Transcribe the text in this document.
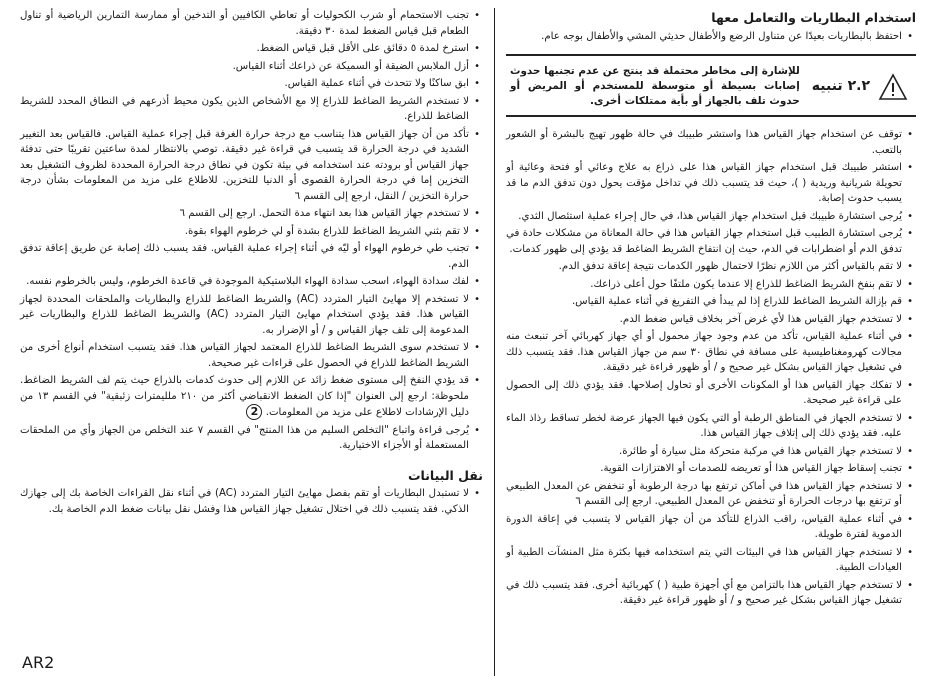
استخدام البطاريات والتعامل معها
• احتفظ بالبطاريات بعيدًا عن متناول الرضع والأطفال حديثي المشي والأطفال بوجه عام.
٢.٢ تنبيه
للإشارة إلى مخاطر محتملة قد ينتج عن عدم تجنبها حدوث إصابات بسيطة أو متوسطة للمستخدم أو المريض أو حدوث تلف بالجهاز أو بأية ممتلكات أخرى.
• توقف عن استخدام جهاز القياس هذا واستشر طبيبك في حالة ظهور تهيج بالبشرة أو الشعور بالتعب.
• استشر طبيبك قبل استخدام جهاز القياس هذا على ذراع به علاج وعائي أو فتحة وعائية أو تحويلة شريانية وريدية ( )، حيث قد يتسبب ذلك في تداخل مؤقت يحول دون تدفق الدم ما قد يسبب حدوث إصابة.
• يُرجى استشارة طبيبك قبل استخدام جهاز القياس هذا، في حال إجراء عملية استئصال الثدي.
• يُرجى استشارة الطبيب قبل استخدام جهاز القياس هذا في حالة المعاناة من مشكلات حادة في تدفق الدم أو اضطرابات في الدم، حيث إن انتفاخ الشريط الضاغط قد يؤدي إلى ظهور كدمات.
• لا تقم بالقياس أكثر من اللازم نظرًا لاحتمال ظهور الكدمات نتيجة إعاقة تدفق الدم.
• لا تقم بنفخ الشريط الضاغط للذراع إلا عندما يكون ملتفًا حول أعلى ذراعك.
• قم بإزالة الشريط الضاغط للذراع إذا لم يبدأ في التفريغ في أثناء عملية القياس.
• لا تستخدم جهاز القياس هذا لأي غرض آخر بخلاف قياس ضغط الدم.
• في أثناء عملية القياس، تأكد من عدم وجود جهاز محمول أو أي جهاز كهربائي آخر تنبعث منه مجالات كهرومغناطيسية على مسافة في نطاق ٣٠ سم من جهاز القياس هذا. فقد يتسبب ذلك في تشغيل جهاز القياس بشكل غير صحيح و / أو ظهور قراءة غير دقيقة.
• لا تفكك جهاز القياس هذا أو المكونات الأخرى أو تحاول إصلاحها. فقد يؤدي ذلك إلى الحصول على قراءة غير صحيحة.
• لا تستخدم الجهاز في المناطق الرطبة أو التي يكون فيها الجهاز عرضة لخطر تساقط رذاذ الماء عليه. فقد يؤدي ذلك إلى إتلاف جهاز القياس هذا.
• لا تستخدم جهاز القياس هذا في مركبة متحركة مثل سيارة أو طائرة.
• تجنب إسقاط جهاز القياس هذا أو تعريضه للصدمات أو الاهتزازات القوية.
• لا تستخدم جهاز القياس هذا في أماكن ترتفع بها درجة الرطوبة أو تنخفض عن المعدل الطبيعي أو ترتفع بها درجات الحرارة أو تنخفض عن المعدل الطبيعي. ارجع إلى القسم ٦
• في أثناء عملية القياس، راقب الذراع للتأكد من أن جهاز القياس لا يتسبب في إعاقة الدورة الدموية لفترة طويلة.
• لا تستخدم جهاز القياس هذا في البيئات التي يتم استخدامه فيها بكثرة مثل المنشآت الطبية أو العيادات الطبية.
• لا تستخدم جهاز القياس هذا بالتزامن مع أي أجهزة طبية ( ) كهربائية أخرى. فقد يتسبب ذلك في تشغيل جهاز القياس بشكل غير صحيح و / أو ظهور قراءة غير دقيقة.
• تجنب الاستحمام أو شرب الكحوليات أو تعاطي الكافيين أو التدخين أو ممارسة التمارين الرياضية أو تناول الطعام قبل قياس الضغط لمدة ٣٠ دقيقة.
• استرخ لمدة ٥ دقائق على الأقل قبل قياس الضغط.
• أزل الملابس الضيقة أو السميكة عن ذراعك أثناء القياس.
• ابق ساكنًا ولا تتحدث في أثناء عملية القياس.
• لا تستخدم الشريط الضاغط للذراع إلا مع الأشخاص الذين يكون محيط أذرعهم في النطاق المحدد للشريط الضاغط للذراع.
• تأكد من أن جهاز القياس هذا يتناسب مع درجة حرارة الغرفة قبل إجراء عملية القياس. فالقياس بعد التغيير الشديد في درجة الحرارة قد يتسبب في قراءة غير دقيقة. توصي بالانتظار لمدة ساعتين تقريبًا حتى تدفئة جهاز القياس أو برودته عند استخدامه في بيئة تكون في نطاق درجة الحرارة المحددة لظروف التشغيل بعد التخزين إما في درجة الحرارة القصوى أو الدنيا للتخزين. للاطلاع على مزيد من المعلومات بشأن درجة حرارة التخزين / النقل، ارجع إلى القسم ٦
• لا تستخدم جهاز القياس هذا بعد انتهاء مدة التحمل. ارجع إلى القسم ٦
• لا تقم بثني الشريط الضاغط للذراع بشدة أو لي خرطوم الهواء بقوة.
• تجنب طي خرطوم الهواء أو ليّه في أثناء إجراء عملية القياس. فقد يسبب ذلك إصابة عن طريق إعاقة تدفق الدم.
• لفك سدادة الهواء، اسحب سدادة الهواء البلاستيكية الموجودة في قاعدة الخرطوم، وليس بالخرطوم نفسه.
• لا تستخدم إلا مهايئ التيار المتردد (AC) والشريط الضاغط للذراع والبطاريات والملحقات المحددة لجهاز القياس هذا. فقد يؤدي استخدام مهايئ التيار المتردد (AC) والشريط الضاغط للذراع والبطاريات غير المدعومة إلى تلف جهاز القياس و / أو الإضرار به.
• لا تستخدم سوى الشريط الضاغط للذراع المعتمد لجهاز القياس هذا. فقد يتسبب استخدام أنواع أخرى من الشريط الضاغط للذراع في الحصول على قراءات غير صحيحة.
• قد يؤدي النفخ إلى مستوى ضغط زائد عن اللازم إلى حدوث كدمات بالذراع حيث يتم لف الشريط الضاغط. ملحوظة: ارجع إلى العنوان "إذا كان الضغط الانقباضي أكثر من ٢١٠ ملليمترات زئبقية" في القسم ١٣ من دليل الإرشادات لاطلاع على مزيد من المعلومات. 2
• يُرجى قراءة واتباع "التخلص السليم من هذا المنتج" في القسم ٧ عند التخلص من الجهاز وأي من الملحقات المستعملة أو الأجزاء الاختيارية.
نقل البيانات
• لا تستبدل البطاريات أو تقم بفصل مهايئ التيار المتردد (AC) في أثناء نقل القراءات الخاصة بك إلى جهازك الذكي. فقد يتسبب ذلك في اختلال تشغيل جهاز القياس هذا وفشل نقل بيانات ضغط الدم الخاصة بك.
AR2
